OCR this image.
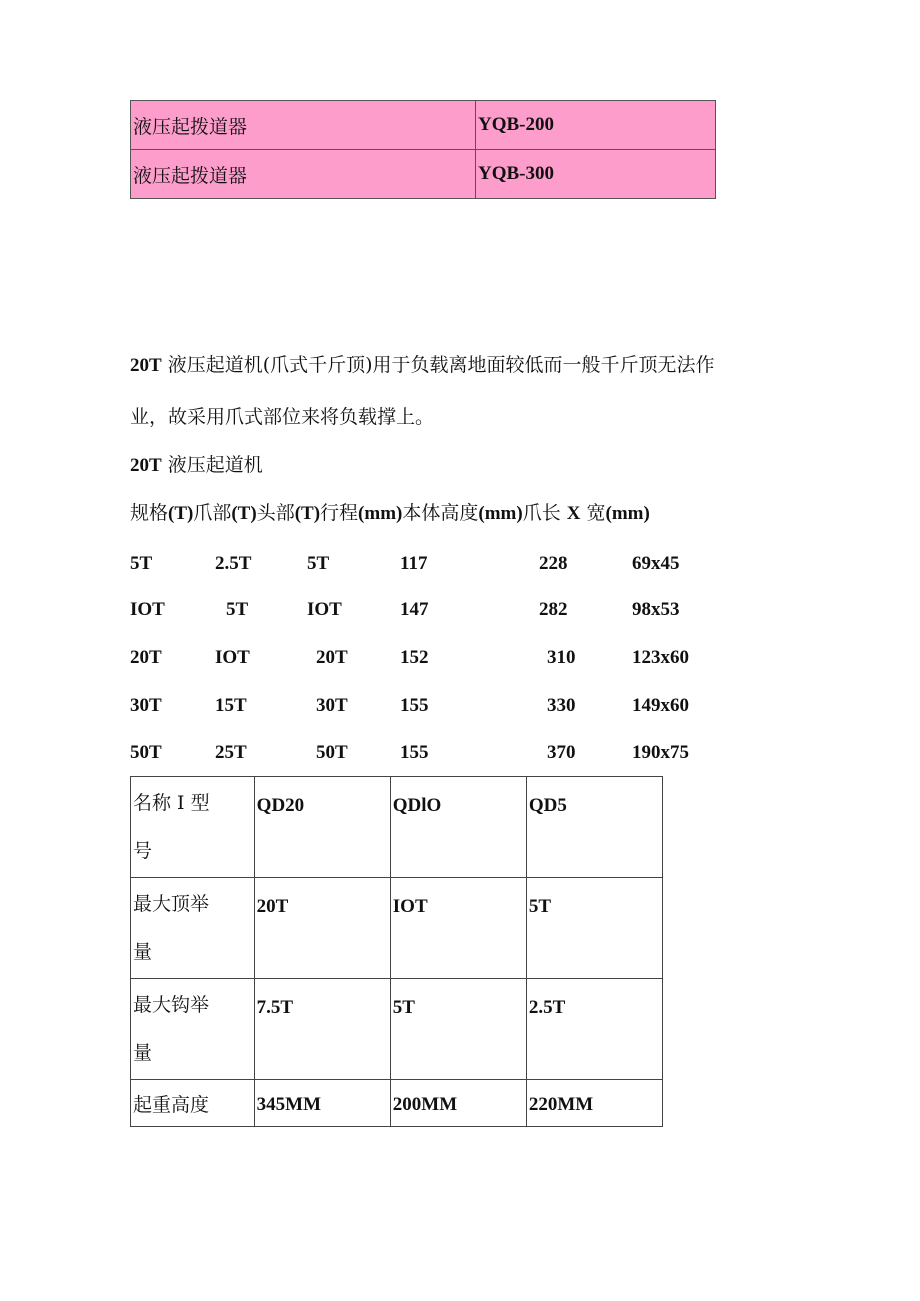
液压起拨道器	YQB-200
液压起拨道器	YQB-300
20T 液压起道机(爪式千斤顶)用于负载离地面较低而一般千斤顶无法作
业，故采用爪式部位来将负载撑上。
20T 液压起道机
规格(T)爪部(T)头部(T)行程(mm)本体高度(mm)爪长 X 宽(mm)
5T	2.5T	5T	117	228	69x45
IOT	5T	IOT	147	282	98x53
20T	IOT	20T	152	310	123x60
30T	15T	30T	155	330	149x60
50T	25T	50T	155	370	190x75
名称 I 型
号	QD20	QDlO	QD5

最大顶举
量	20T	IOT	5T

最大钩举
量	7.5T	5T	2.5T

起重高度	345MM	200MM	220MM
